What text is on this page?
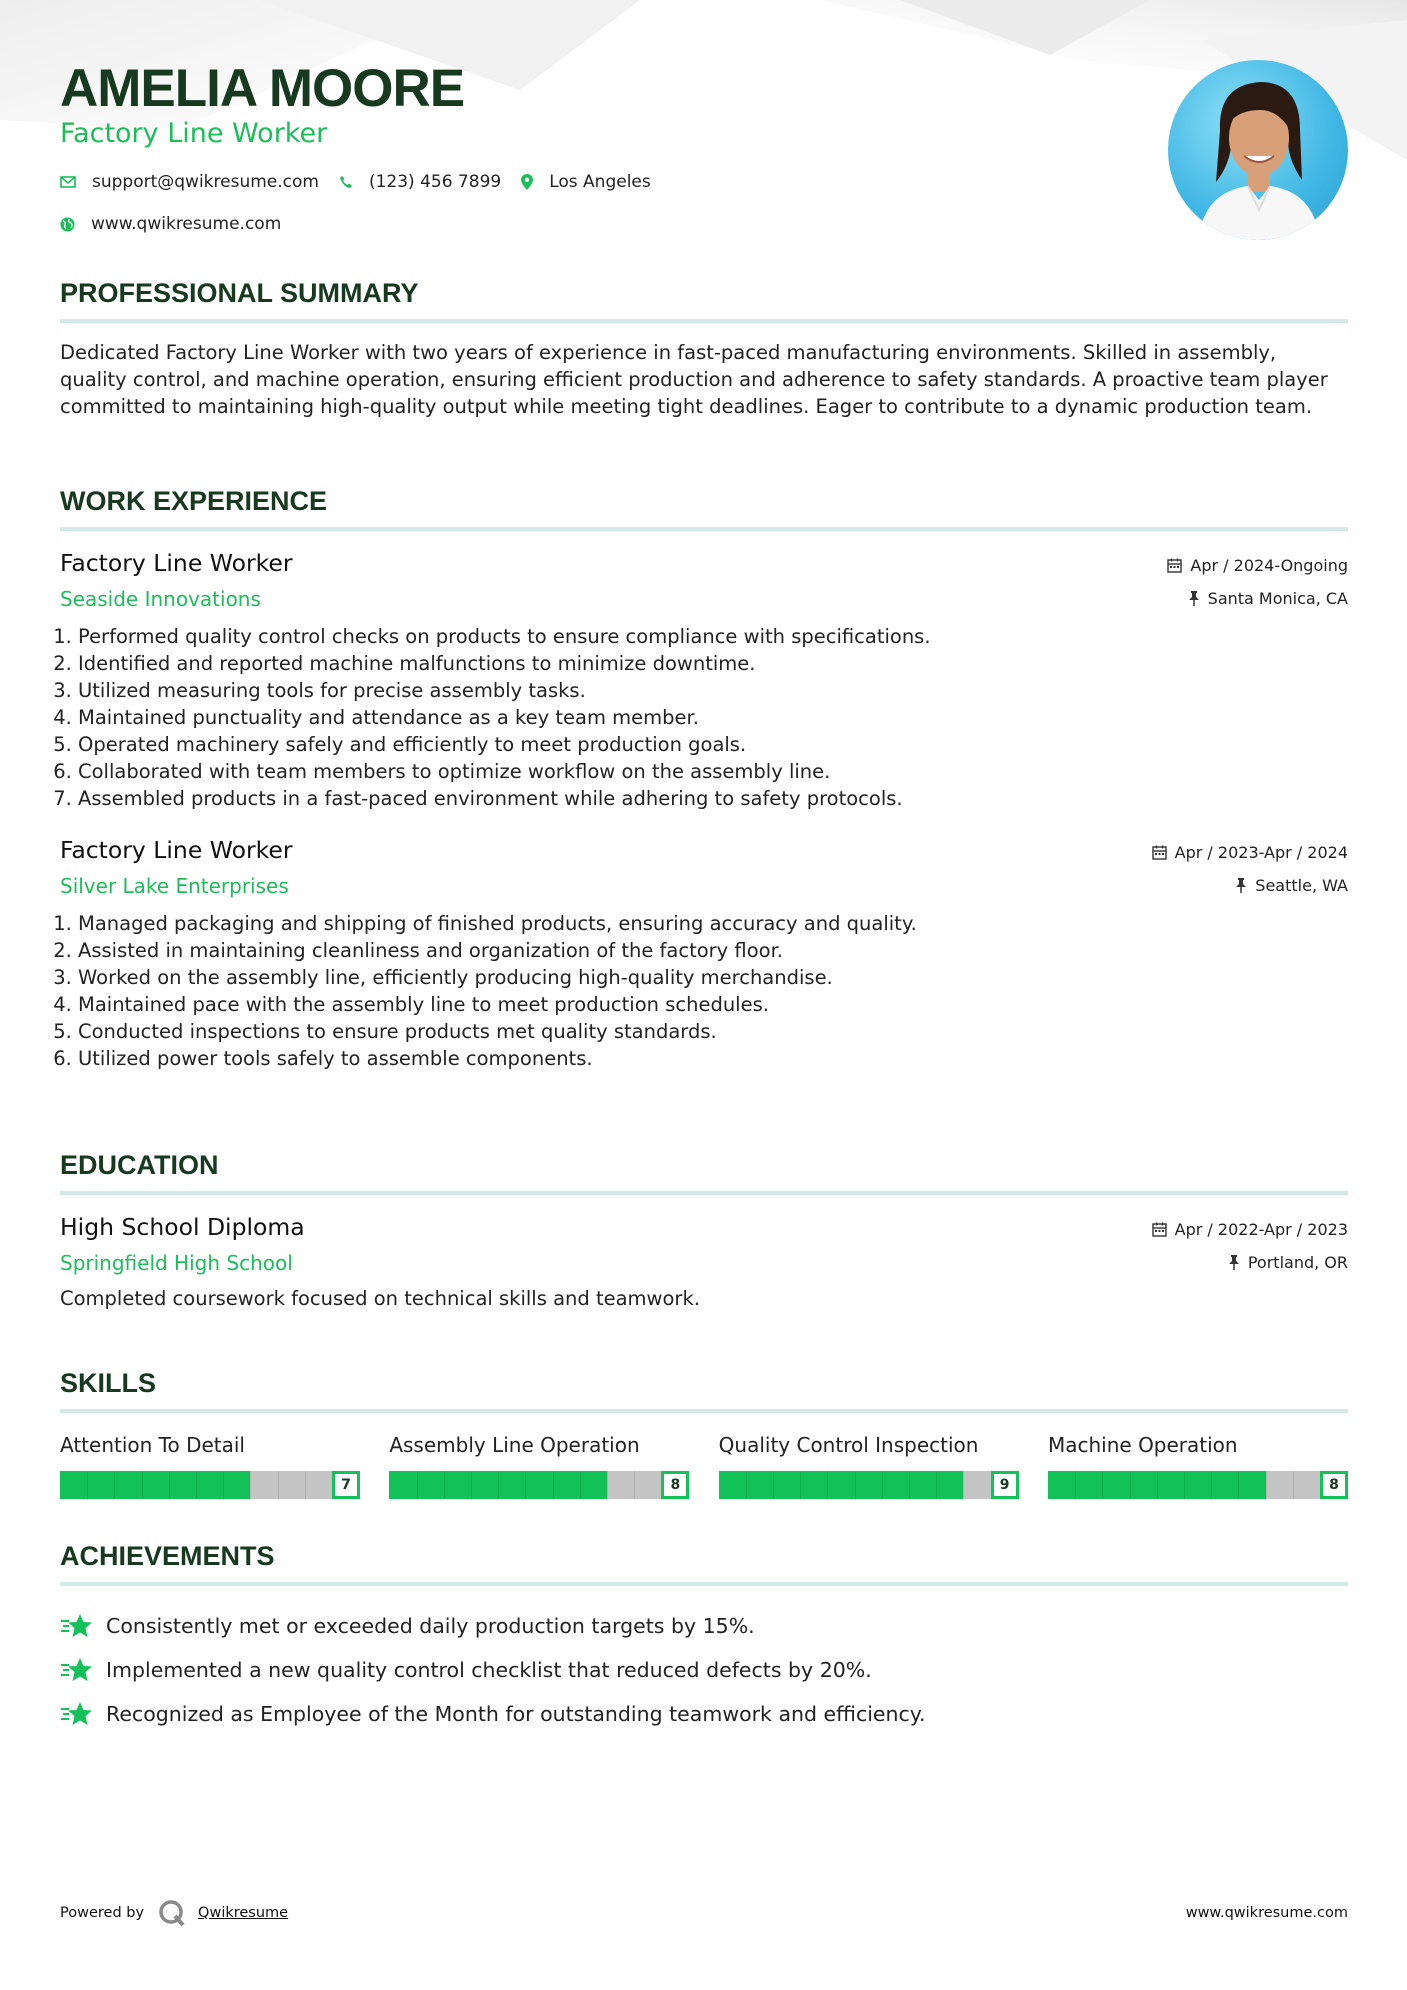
AMELIA MOORE
Factory Line Worker
support@qwikresume.com	(123) 456 7899	Los Angeles
www.qwikresume.com
PROFESSIONAL SUMMARY
Dedicated Factory Line Worker with two years of experience in fast-paced manufacturing environments. Skilled in assembly, quality control, and machine operation, ensuring efficient production and adherence to safety standards. A proactive team player committed to maintaining high-quality output while meeting tight deadlines. Eager to contribute to a dynamic production team.
WORK EXPERIENCE
Factory Line Worker
Seaside Innovations
Apr / 2024-Ongoing
Santa Monica, CA
1. Performed quality control checks on products to ensure compliance with specifications.
2. Identified and reported machine malfunctions to minimize downtime.
3. Utilized measuring tools for precise assembly tasks.
4. Maintained punctuality and attendance as a key team member.
5. Operated machinery safely and efficiently to meet production goals.
6. Collaborated with team members to optimize workflow on the assembly line.
7. Assembled products in a fast-paced environment while adhering to safety protocols.
Factory Line Worker
Silver Lake Enterprises
Apr / 2023-Apr / 2024
Seattle, WA
1. Managed packaging and shipping of finished products, ensuring accuracy and quality.
2. Assisted in maintaining cleanliness and organization of the factory floor.
3. Worked on the assembly line, efficiently producing high-quality merchandise.
4. Maintained pace with the assembly line to meet production schedules.
5. Conducted inspections to ensure products met quality standards.
6. Utilized power tools safely to assemble components.
EDUCATION
High School Diploma
Springfield High School
Apr / 2022-Apr / 2023
Portland, OR
Completed coursework focused on technical skills and teamwork.
SKILLS
Attention To Detail
7
Assembly Line Operation
8
Quality Control Inspection
9
Machine Operation
8
ACHIEVEMENTS
Consistently met or exceeded daily production targets by 15%.
Implemented a new quality control checklist that reduced defects by 20%.
Recognized as Employee of the Month for outstanding teamwork and efficiency.
Powered by	Qwikresume	www.qwikresume.com
